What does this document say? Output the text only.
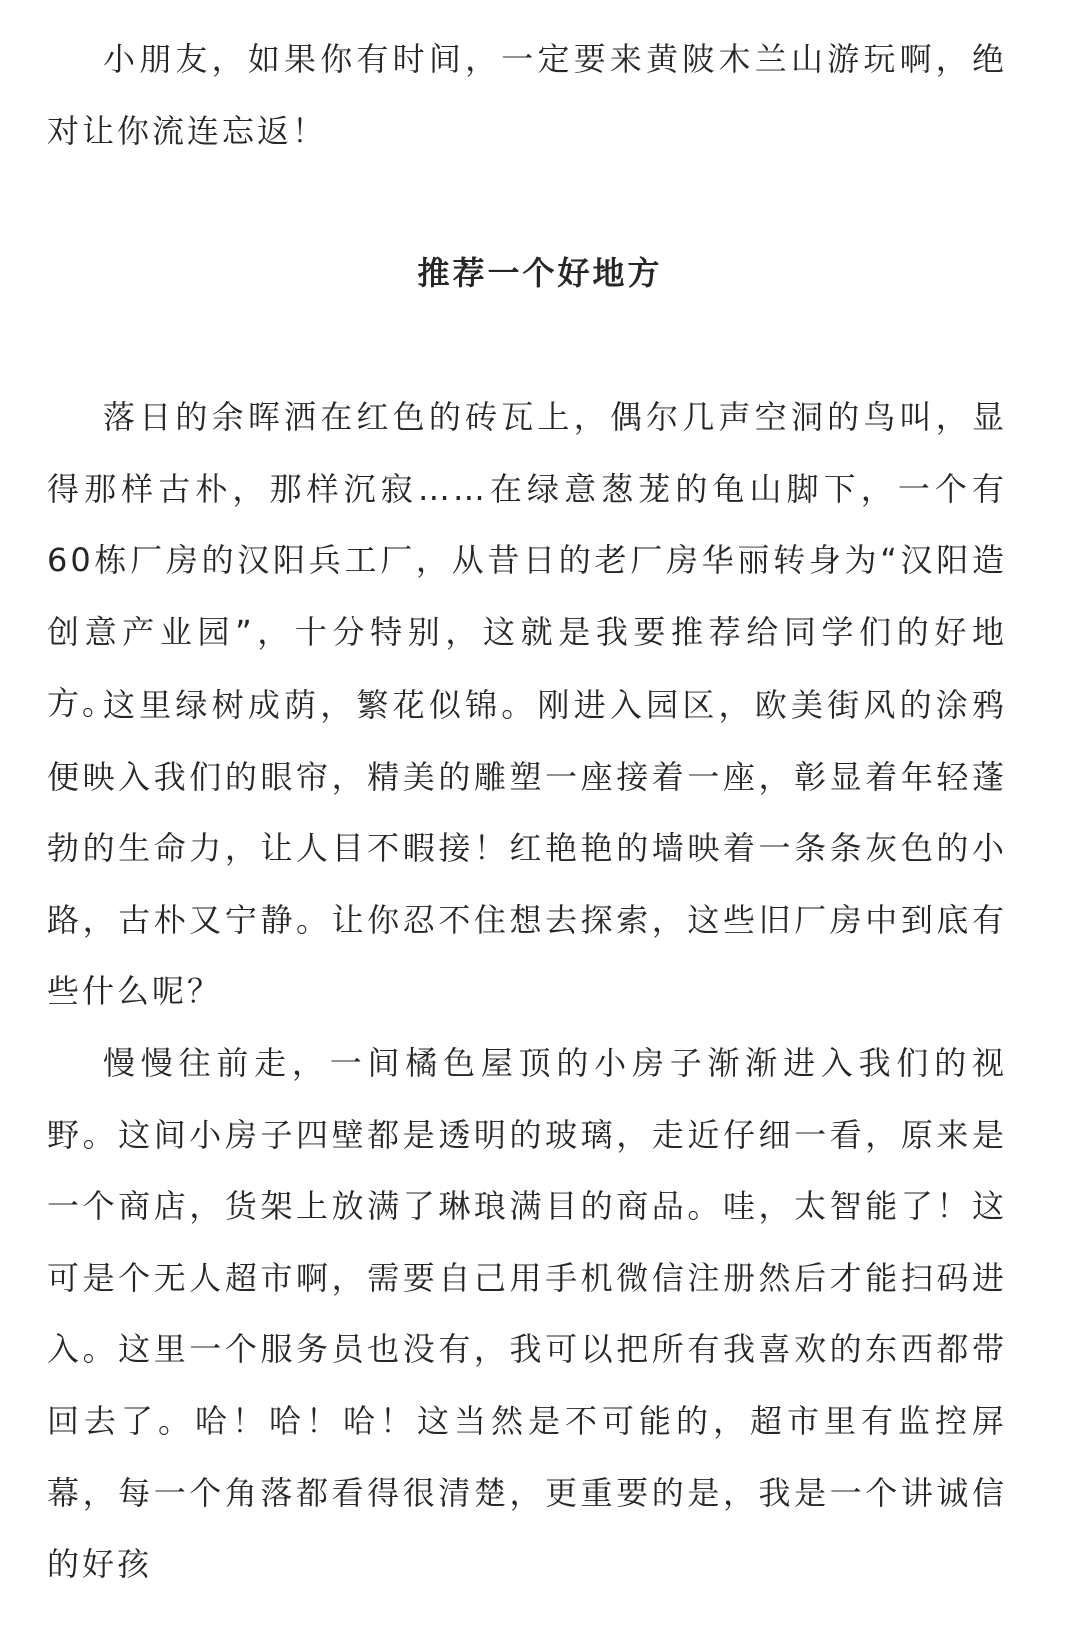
小朋友，如果你有时间，一定要来黄陂木兰山游玩啊，绝对让你流连忘返！

推荐一个好地方

落日的余晖洒在红色的砖瓦上，偶尔几声空洞的鸟叫，显得那样古朴，那样沉寂……在绿意葱茏的龟山脚下，一个有 60栋厂房的汉阳兵工厂，从昔日的老厂房华丽转身为“汉阳造创意产业园”，十分特别，这就是我要推荐给同学们的好地方。

这里绿树成荫，繁花似锦。刚进入园区，欧美街风的涂鸦便映入我们的眼帘，精美的雕塑一座接着一座，彰显着年轻蓬勃的生命力，让人目不暇接！红艳艳的墙映着一条条灰色的小路，古朴又宁静。让你忍不住想去探索，这些旧厂房中到底有些什么呢？

慢慢往前走，一间橘色屋顶的小房子渐渐进入我们的视野。这间小房子四壁都是透明的玻璃，走近仔细一看，原来是一个商店，货架上放满了琳琅满目的商品。哇，太智能了！这可是个无人超市啊，需要自己用手机微信注册然后才能扫码进入。这里一个服务员也没有，我可以把所有我喜欢的东西都带回去了。哈！哈！哈！这当然是不可能的，超市里有监控屏幕，每一个角落都看得很清楚，更重要的是，我是一个讲诚信的好孩
